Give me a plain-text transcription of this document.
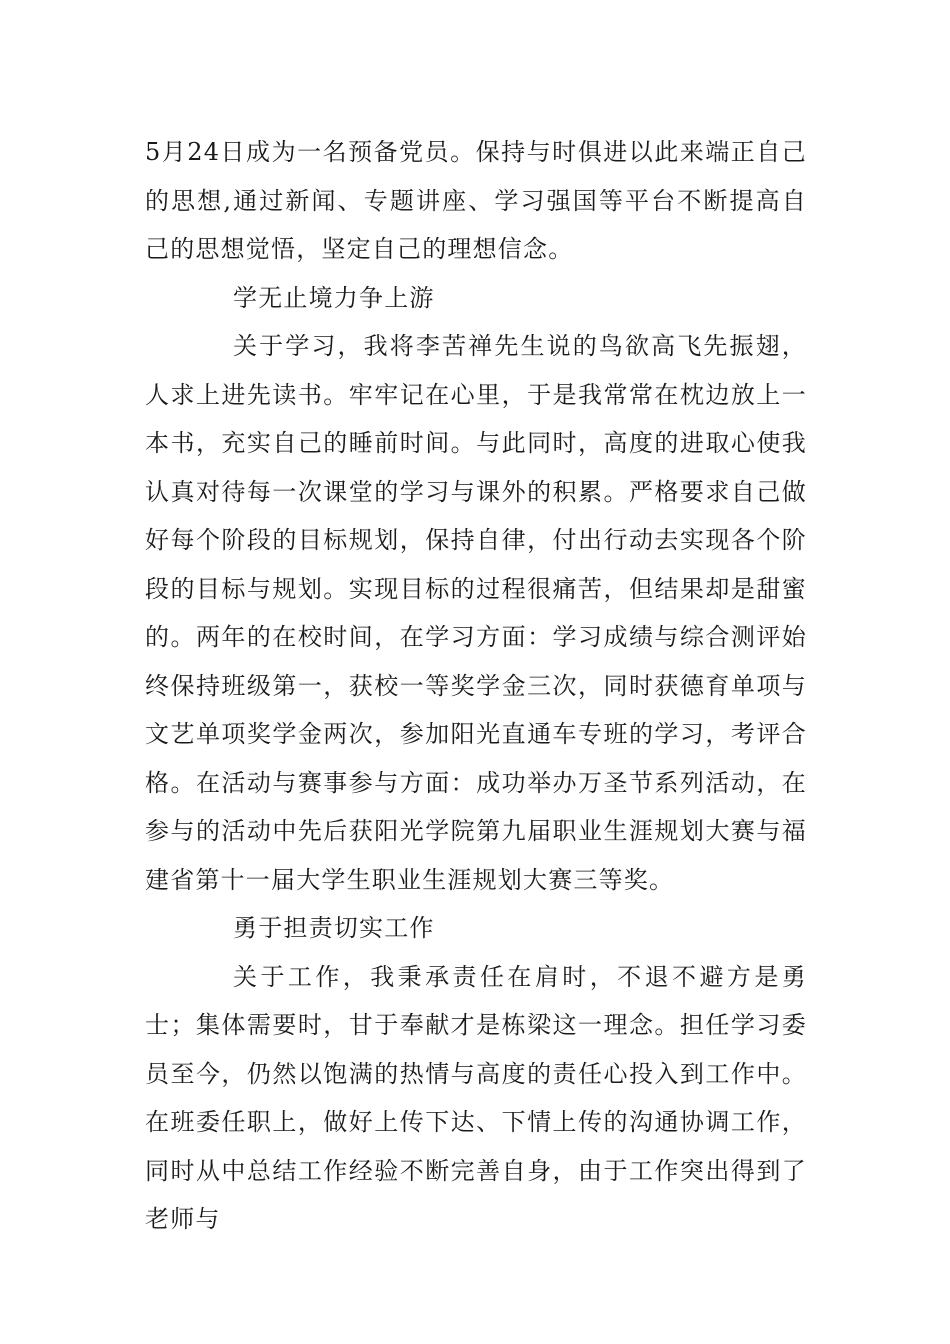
5月24日成为一名预备党员。保持与时俱进以此来端正自己的思想,通过新闻、专题讲座、学习强国等平台不断提高自己的思想觉悟，坚定自己的理想信念。

学无止境力争上游

关于学习，我将李苦禅先生说的鸟欲高飞先振翅，人求上进先读书。牢牢记在心里，于是我常常在枕边放上一本书，充实自己的睡前时间。与此同时，高度的进取心使我认真对待每一次课堂的学习与课外的积累。严格要求自己做好每个阶段的目标规划，保持自律，付出行动去实现各个阶段的目标与规划。实现目标的过程很痛苦，但结果却是甜蜜的。两年的在校时间，在学习方面：学习成绩与综合测评始终保持班级第一，获校一等奖学金三次，同时获德育单项与文艺单项奖学金两次，参加阳光直通车专班的学习，考评合格。在活动与赛事参与方面：成功举办万圣节系列活动，在参与的活动中先后获阳光学院第九届职业生涯规划大赛与福建省第十一届大学生职业生涯规划大赛三等奖。

勇于担责切实工作

关于工作，我秉承责任在肩时，不退不避方是勇士；集体需要时，甘于奉献才是栋梁这一理念。担任学习委员至今，仍然以饱满的热情与高度的责任心投入到工作中。在班委任职上，做好上传下达、下情上传的沟通协调工作，同时从中总结工作经验不断完善自身，由于工作突出得到了老师与
